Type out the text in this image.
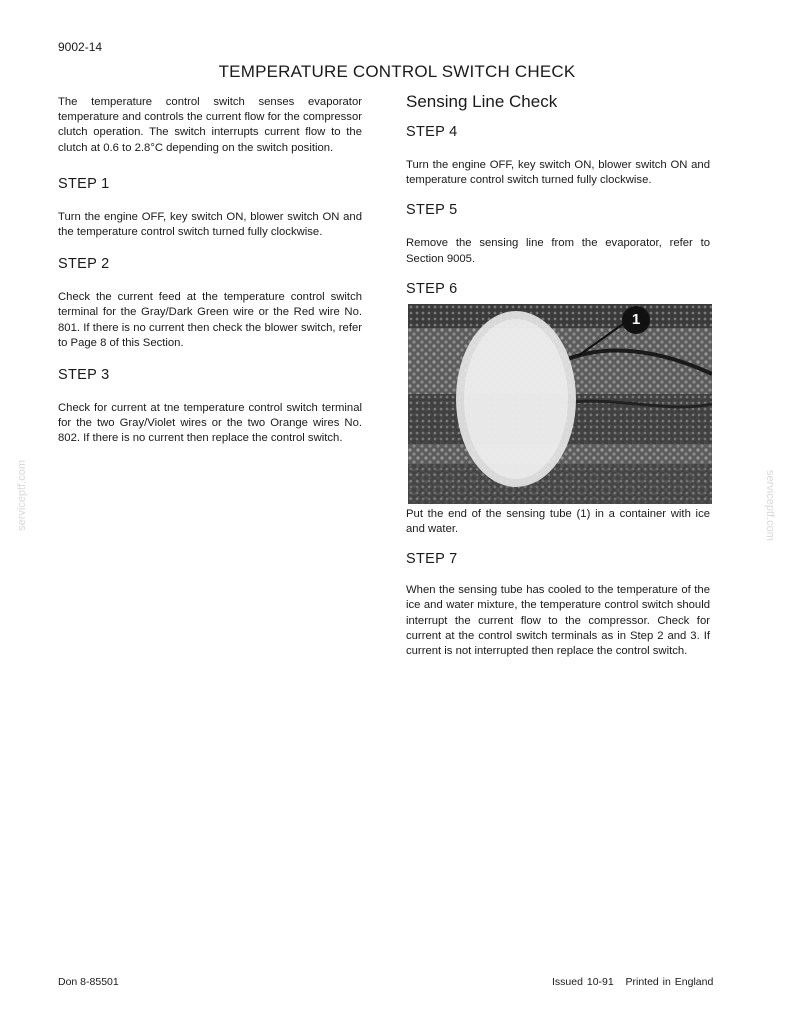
9002-14
TEMPERATURE CONTROL SWITCH CHECK
serviceptf.com	serviceptf.com

The temperature control switch senses evaporator temperature and controls the current flow for the compressor clutch operation. The switch interrupts current flow to the clutch at 0.6 to 2.8°C depending on the switch position.

STEP 1

Turn the engine OFF, key switch ON, blower switch ON and the temperature control switch turned fully clockwise.

STEP 2

Check the current feed at the temperature control switch terminal for the Gray/Dark Green wire or the Red wire No. 801. If there is no current then check the blower switch, refer to Page 8 of this Section.

STEP 3

Check for current at tne temperature control switch terminal for the two Gray/Violet wires or the two Orange wires No. 802. If there is no current then replace the control switch.

Sensing Line Check

STEP 4

Turn the engine OFF, key switch ON, blower switch ON and temperature control switch turned fully clockwise.

STEP 5

Remove the sensing line from the evaporator, refer to Section 9005.

STEP 6

Put the end of the sensing tube (1) in a container with ice and water.

STEP 7

When the sensing tube has cooled to the temperature of the ice and water mixture, the temperature control switch should interrupt the current flow to the compressor. Check for current at the control switch terminals as in Step 2 and 3. If current is not interrupted then replace the control switch.

1
Don 8-85501	Issued 10-91 Printed in England
